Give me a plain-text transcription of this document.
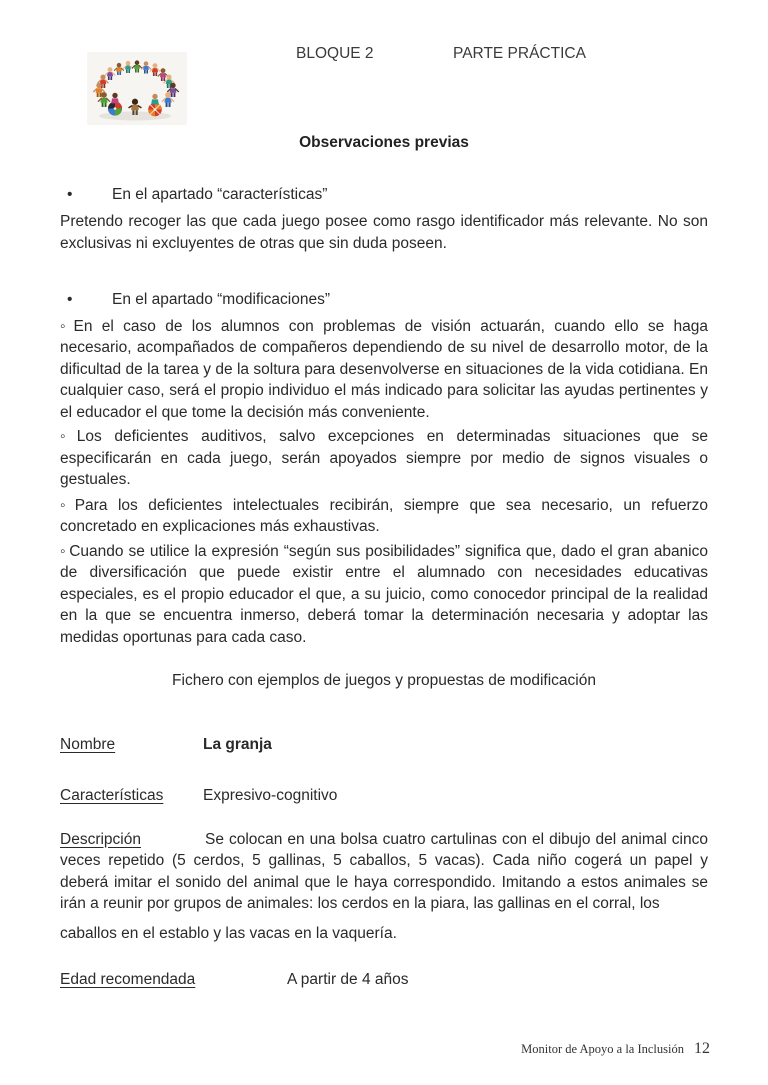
BLOQUE 2	PARTE PRÁCTICA
Observaciones previas

•	En el apartado “características”

Pretendo recoger las que cada juego posee como rasgo identificador más relevante. No son exclusivas ni excluyentes de otras que sin duda poseen.

•	En el apartado “modificaciones”

◦ En el caso de los alumnos con problemas de visión actuarán, cuando ello se haga necesario, acompañados de compañeros dependiendo de su nivel de desarrollo motor, de la dificultad de la tarea y de la soltura para desenvolverse en situaciones de la vida cotidiana. En cualquier caso, será el propio individuo el más indicado para solicitar las ayudas pertinentes y el educador el que tome la decisión más conveniente.

◦ Los deficientes auditivos, salvo excepciones en determinadas situaciones que se especificarán en cada juego, serán apoyados siempre por medio de signos visuales o gestuales.

◦ Para los deficientes intelectuales recibirán, siempre que sea necesario, un refuerzo concretado en explicaciones más exhaustivas.

◦ Cuando se utilice la expresión “según sus posibilidades” significa que, dado el gran abanico de diversificación que puede existir entre el alumnado con necesidades educativas especiales, es el propio educador el que, a su juicio, como conocedor principal de la realidad en la que se encuentra inmerso, deberá tomar la determinación necesaria y adoptar las medidas oportunas para cada caso.

Fichero con ejemplos de juegos y propuestas de modificación

Nombre	La granja

Características	Expresivo-cognitivo

Descripción	Se colocan en una bolsa cuatro cartulinas con el dibujo del animal cinco veces repetido (5 cerdos, 5 gallinas, 5 caballos, 5 vacas). Cada niño cogerá un papel y deberá imitar el sonido del animal que le haya correspondido. Imitando a estos animales se irán a reunir por grupos de animales: los cerdos en la piara, las gallinas en el corral, los

caballos en el establo y las vacas en la vaquería.

Edad recomendada	A partir de 4 años

Monitor de Apoyo a la Inclusión 12
